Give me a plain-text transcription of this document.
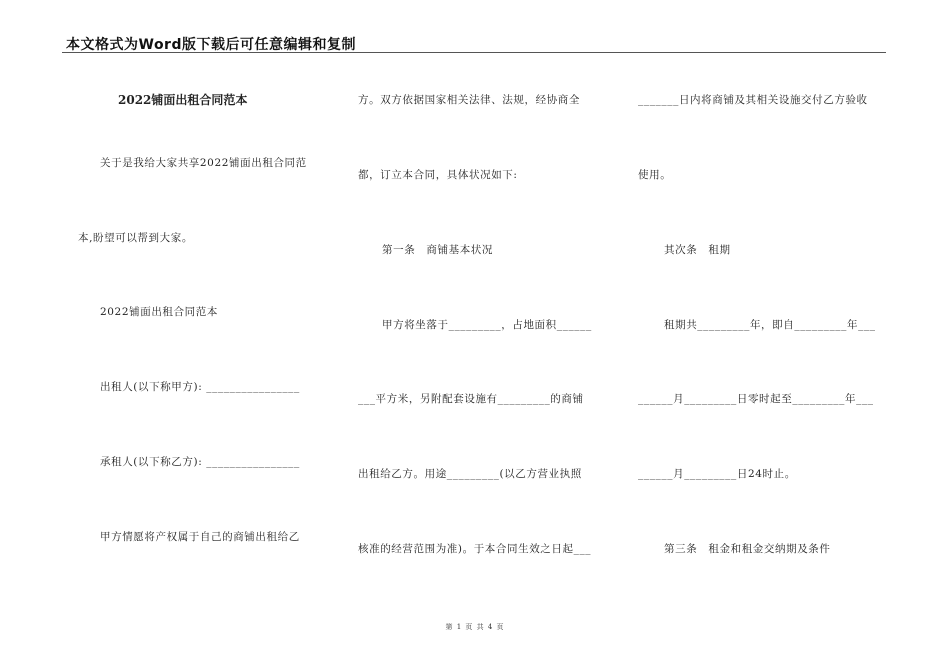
本文格式为Word版下载后可任意编辑和复制
2022铺面出租合同范本
关于是我给大家共享2022铺面出租合同范
本,盼望可以帮到大家。
2022铺面出租合同范本
出租人(以下称甲方): ________________
承租人(以下称乙方): ________________
甲方情愿将产权属于自己的商铺出租给乙
方。双方依据国家相关法律、法规，经协商全
都，订立本合同，具体状况如下:
第一条　商铺基本状况
甲方将坐落于_________，占地面积______
___平方米，另附配套设施有_________的商铺
出租给乙方。用途_________(以乙方营业执照
核准的经营范围为准)。于本合同生效之日起___
_______日内将商铺及其相关设施交付乙方验收
使用。
其次条　租期
租期共_________年，即自_________年___
______月_________日零时起至_________年___
______月_________日24时止。
第三条　租金和租金交纳期及条件
第 1 页 共 4 页
